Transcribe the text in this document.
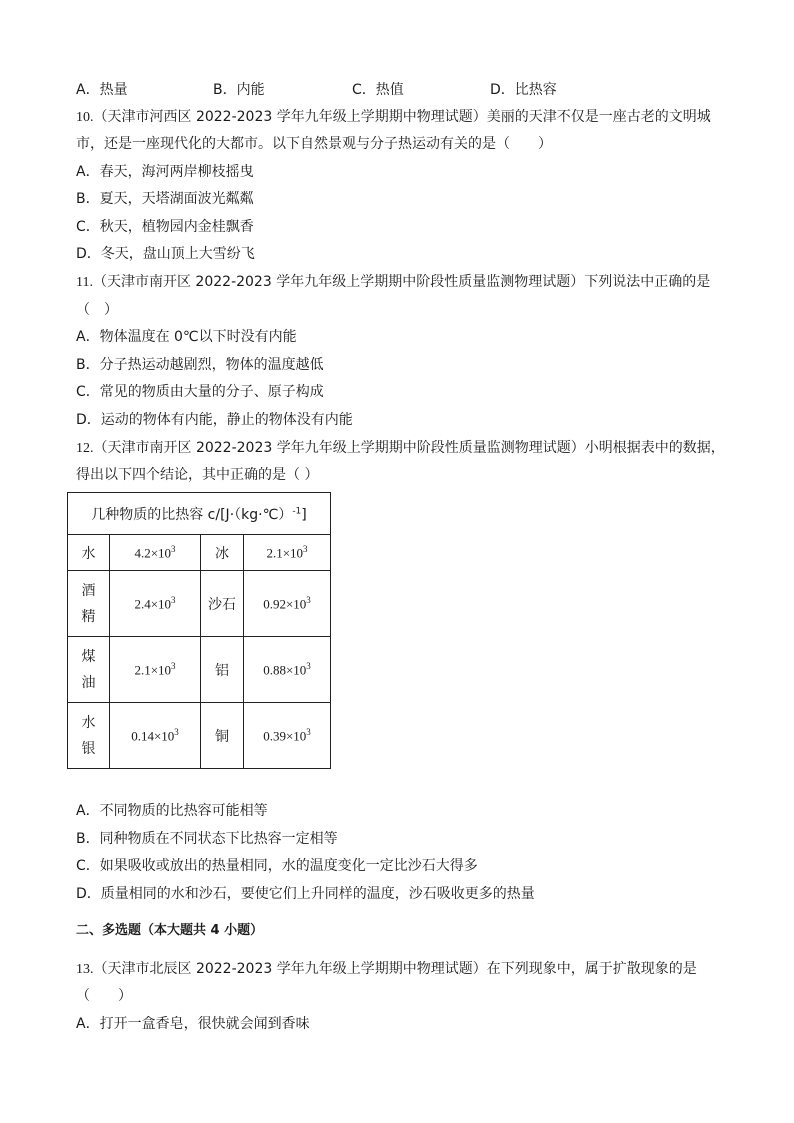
A．热量	B．内能	C．热值	D．比热容
10.（天津市河西区 2022-2023 学年九年级上学期期中物理试题）美丽的天津不仅是一座古老的文明城
市，还是一座现代化的大都市。以下自然景观与分子热运动有关的是（　　）
A．春天，海河两岸柳枝摇曳
B．夏天，天塔湖面波光粼粼
C．秋天，植物园内金桂飘香
D．冬天，盘山顶上大雪纷飞
11.（天津市南开区 2022-2023 学年九年级上学期期中阶段性质量监测物理试题）下列说法中正确的是
（　）
A．物体温度在 0℃以下时没有内能
B．分子热运动越剧烈，物体的温度越低
C．常见的物质由大量的分子、原子构成
D．运动的物体有内能，静止的物体没有内能
12.（天津市南开区 2022-2023 学年九年级上学期期中阶段性质量监测物理试题）小明根据表中的数据，
得出以下四个结论，其中正确的是（ ）
几种物质的比热容 c/[J·（kg·℃）$^{-1}$]			
水	$4.2\times 10^3$	冰	$2.1\times 10^3$

酒
精	$2.4\times 10^3$	沙石	$0.92\times 10^3$

煤
油	$2.1\times 10^3$	铝	$0.88\times 10^3$

水
银	$0.14\times 10^3$	铜	$0.39\times 10^3$
A．不同物质的比热容可能相等
B．同种物质在不同状态下比热容一定相等
C．如果吸收或放出的热量相同，水的温度变化一定比沙石大得多
D．质量相同的水和沙石，要使它们上升同样的温度，沙石吸收更多的热量
二、多选题（本大题共 4 小题）
13.（天津市北辰区 2022-2023 学年九年级上学期期中物理试题）在下列现象中，属于扩散现象的是
（　　）
A．打开一盒香皂，很快就会闻到香味
